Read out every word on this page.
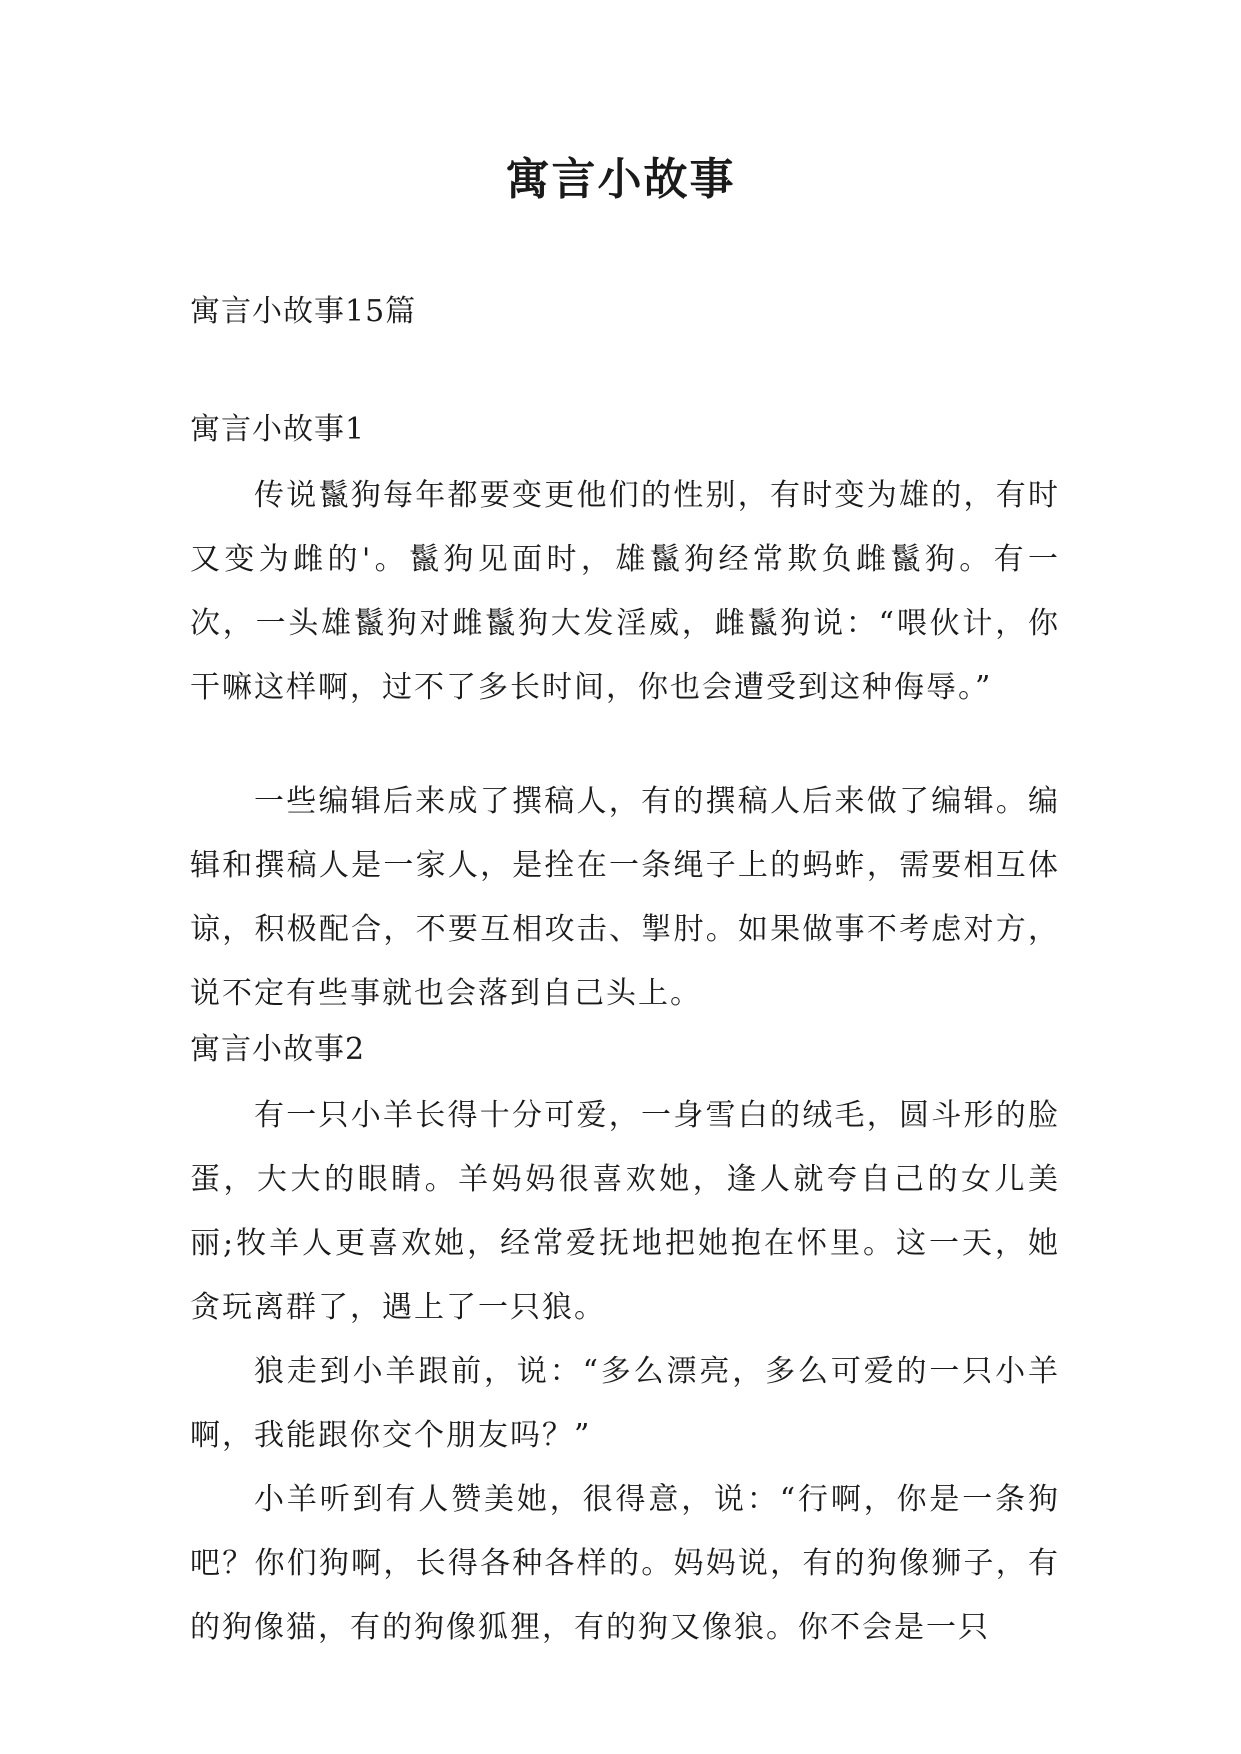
寓言小故事

寓言小故事15篇

寓言小故事1

传说鬣狗每年都要变更他们的性别，有时变为雄的，有时又变为雌的'。鬣狗见面时，雄鬣狗经常欺负雌鬣狗。有一次，一头雄鬣狗对雌鬣狗大发淫威，雌鬣狗说：“喂伙计，你干嘛这样啊，过不了多长时间，你也会遭受到这种侮辱。”

一些编辑后来成了撰稿人，有的撰稿人后来做了编辑。编辑和撰稿人是一家人，是拴在一条绳子上的蚂蚱，需要相互体谅，积极配合，不要互相攻击、掣肘。如果做事不考虑对方，说不定有些事就也会落到自己头上。

寓言小故事2

有一只小羊长得十分可爱，一身雪白的绒毛，圆斗形的脸蛋，大大的眼睛。羊妈妈很喜欢她，逢人就夸自己的女儿美丽;牧羊人更喜欢她，经常爱抚地把她抱在怀里。这一天，她贪玩离群了，遇上了一只狼。

狼走到小羊跟前，说：“多么漂亮，多么可爱的一只小羊啊，我能跟你交个朋友吗？”

小羊听到有人赞美她，很得意，说：“行啊，你是一条狗吧？你们狗啊，长得各种各样的。妈妈说，有的狗像狮子，有的狗像猫，有的狗像狐狸，有的狗又像狼。你不会是一只
